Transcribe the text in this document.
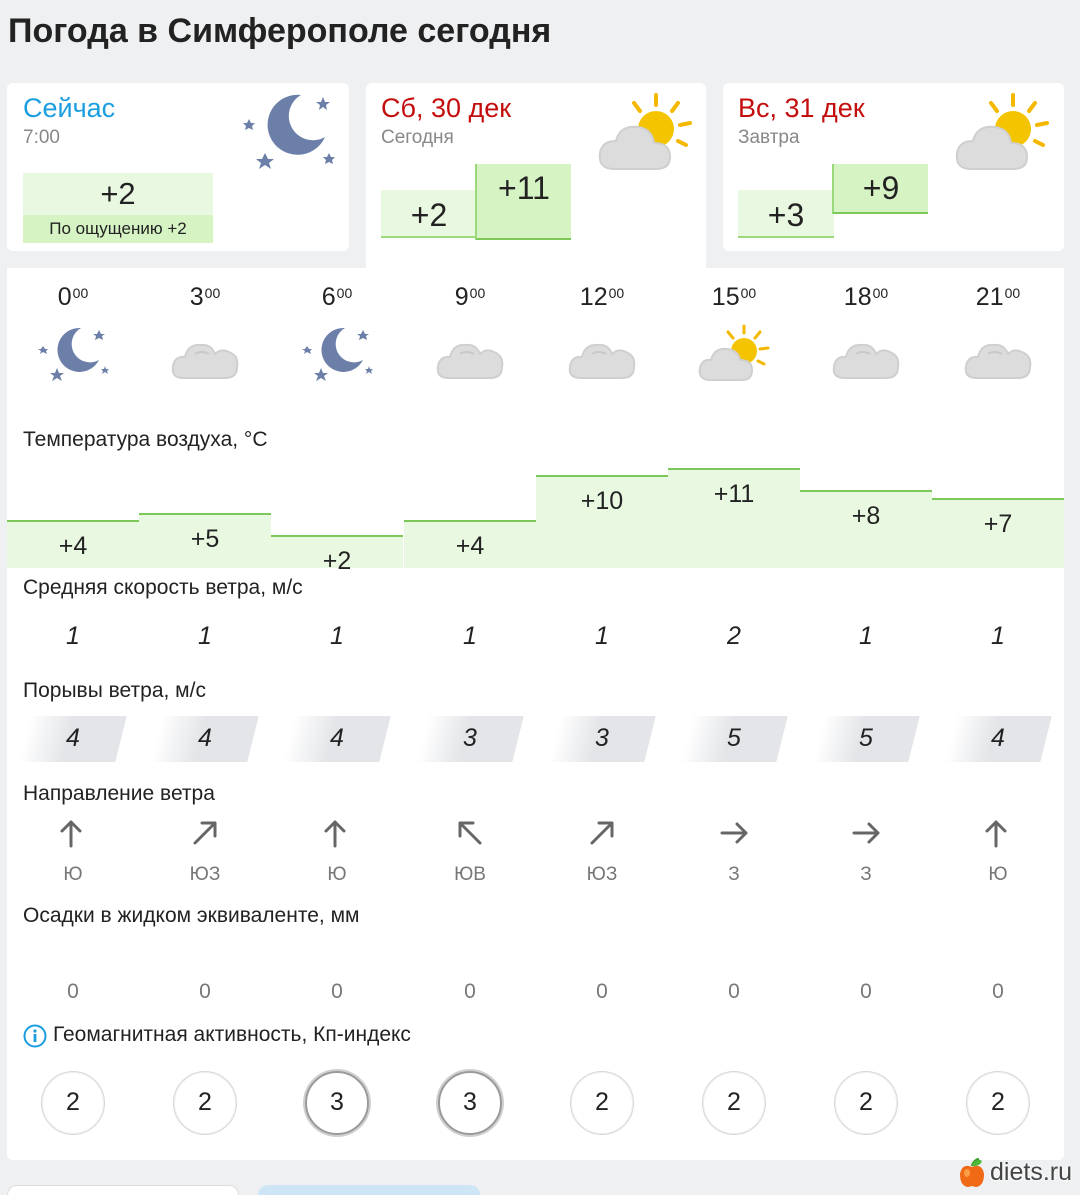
Погода в Симферополе сегодня
Сейчас
7:00
+2
По ощущению +2
Сб, 30 дек
Сегодня
+2
+11
Вс, 31 дек
Завтра
+3
+9
Температура воздуха, °C
Средняя скорость ветра, м/с
Порывы ветра, м/с
Направление ветра
Осадки в жидком эквиваленте, мм
Геомагнитная активность, Кп-индекс
$0^{00}$
+4
1
4
Ю
0
2
$3^{00}$
+5
1
4
ЮЗ
0
2
$6^{00}$
+2
1
4
Ю
0
3
$9^{00}$
+4
1
3
ЮВ
0
3
$12^{00}$
+10
1
3
ЮЗ
0
2
$15^{00}$
+11
2
5
З
0
2
$18^{00}$
+8
1
5
З
0
2
$21^{00}$
+7
1
4
Ю
0
2
diets.ru
